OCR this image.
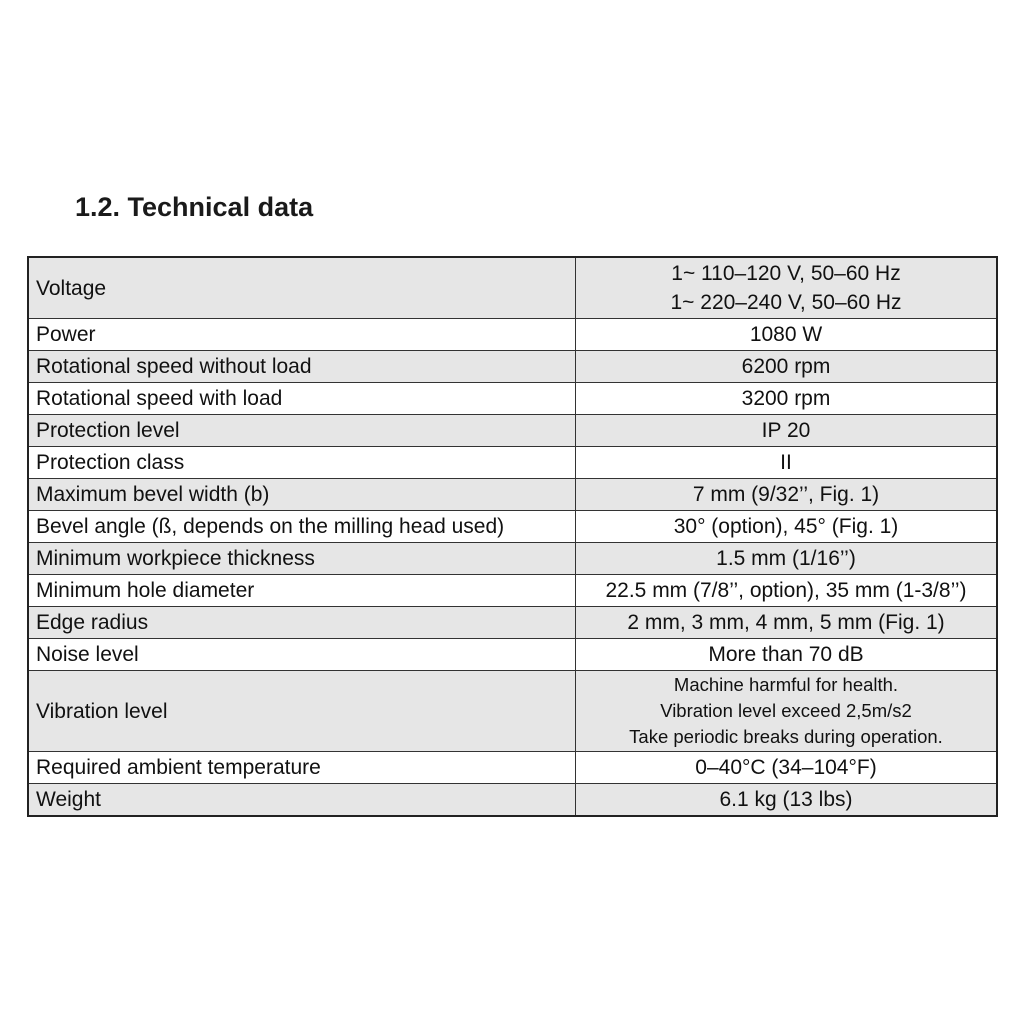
1.2. Technical data
Voltage	1~ 110–120 V, 50–60 Hz
1~ 220–240 V, 50–60 Hz

Power	1080 W
Rotational speed without load	6200 rpm
Rotational speed with load	3200 rpm
Protection level	IP 20
Protection class	II
Maximum bevel width (b)	7 mm (9/32’’, Fig. 1)
Bevel angle (ß, depends on the milling head used)	30° (option), 45° (Fig. 1)
Minimum workpiece thickness	1.5 mm (1/16’’)
Minimum hole diameter	22.5 mm (7/8’’, option), 35 mm (1-3/8’’)
Edge radius	2 mm, 3 mm, 4 mm, 5 mm (Fig. 1)
Noise level	More than 70 dB
Vibration level	Machine harmful for health.
Vibration level exceed 2,5m/s2
Take periodic breaks during operation.

Required ambient temperature	0–40°C (34–104°F)
Weight	6.1 kg (13 lbs)
